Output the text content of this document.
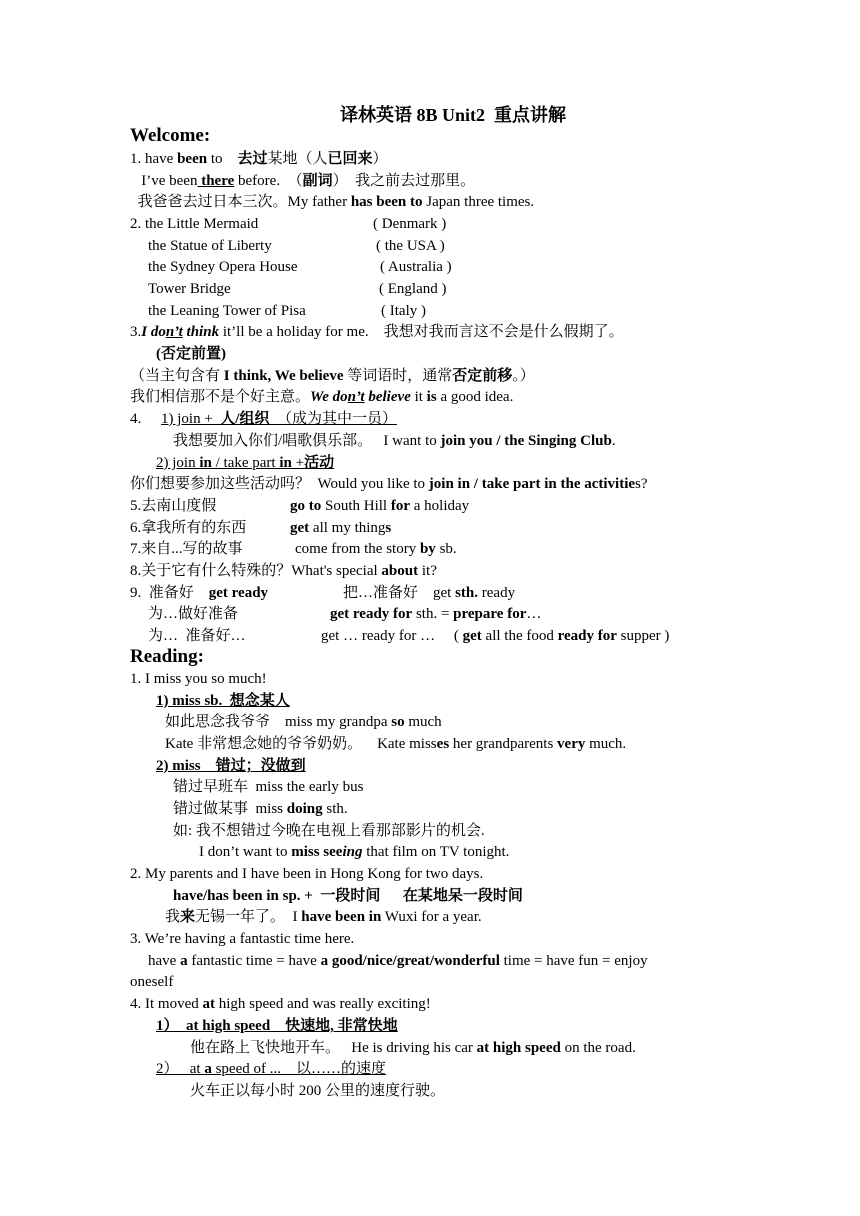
译林英语 8B Unit2  重点讲解
Welcome:
Reading:
1. have been to    去过某地（人已回来）
I’ve been there before.  （副词）  我之前去过那里。
我爸爸去过日本三次。My father has been to Japan three times.
2. the Little Mermaid	( Denmark )
the Statue of Liberty	( the USA )
the Sydney Opera House	( Australia )
Tower Bridge	( England )
the Leaning Tower of Pisa	( Italy )
3.I don’t think it’ll be a holiday for me.    我想对我而言这不会是什么假期了。
(否定前置)
（当主句含有 I think, We believe 等词语时，通常否定前移。）
我们相信那不是个好主意。We don’t believe it is a good idea.
4. 1) join +  人/组织  （成为其中一员）
我想要加入你们/唱歌俱乐部。   I want to join you / the Singing Club.
2) join in / take part in +活动
你们想要参加这些活动吗？  Would you like to join in / take part in the activities?
5.去南山度假	go to South Hill for a holiday
6.拿我所有的东西	get all my things
7.来自...写的故事	come from the story by sb.
8.关于它有什么特殊的？What's special about it?
9.  准备好    get ready	把…准备好    get sth. ready
为…做好准备	get ready for sth. = prepare for…
为…  准备好…	get … ready for …     ( get all the food ready for supper )
1. I miss you so much!
1) miss sb.  想念某人
如此思念我爷爷    miss my grandpa so much
Kate 非常想念她的爷爷奶奶。    Kate misses her grandparents very much.
2) miss    错过；没做到
错过早班车  miss the early bus
错过做某事  miss doing sth.
如: 我不想错过今晚在电视上看那部影片的机会.
I don’t want to miss seeing that film on TV tonight.
2. My parents and I have been in Hong Kong for two days.
have/has been in sp. +  一段时间      在某地呆一段时间
我来无锡一年了。  I have been in Wuxi for a year.
3. We’re having a fantastic time here.
have a fantastic time = have a good/nice/great/wonderful time = have fun = enjoy
oneself
4. It moved at high speed and was really exciting!
1）  at high speed    快速地, 非常快地
他在路上飞快地开车。   He is driving his car at high speed on the road.
2）   at a speed of ...    以……的速度
火车正以每小时 200 公里的速度行驶。
